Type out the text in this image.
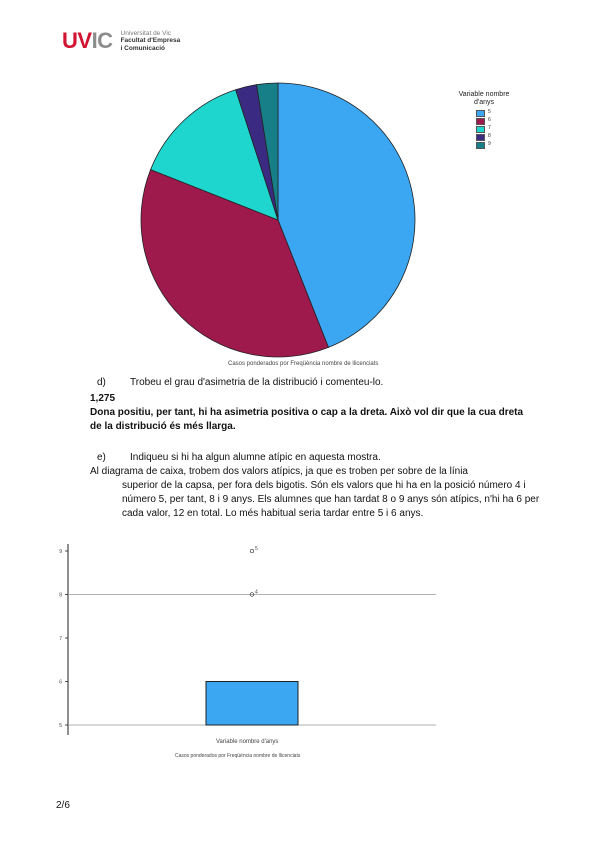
UVIC Universitat de Vic
Facultat d'Empresa
i Comunicació
Variable nombre d'anys
5
6
7
8
9
Casos ponderados por Freqüència nombre de llicenciats
d) Trobeu el grau d'asimetria de la distribució i comenteu-lo.
1,275
Dona positiu, per tant, hi ha asimetria positiva o cap a la dreta. Això vol dir que la cua dreta de la distribució és més llarga.
e) Indiqueu si hi ha algun alumne atípic en aquesta mostra.
Al diagrama de caixa, trobem dos valors atípics, ja que es troben per sobre de la línia
superior de la capsa, per fora dels bigotis. Són els valors que hi ha en la posició número 4 i número 5, per tant, 8 i 9 anys. Els alumnes que han tardat 8 o 9 anys són atípics, n'hi ha 6 per cada valor, 12 en total. Lo més habitual seria tardar entre 5 i 6 anys.
5
6
7
8
9
4
5
Variable nombre d'anys
Casos ponderados por Freqüència nombre de llicenciats
2/6
